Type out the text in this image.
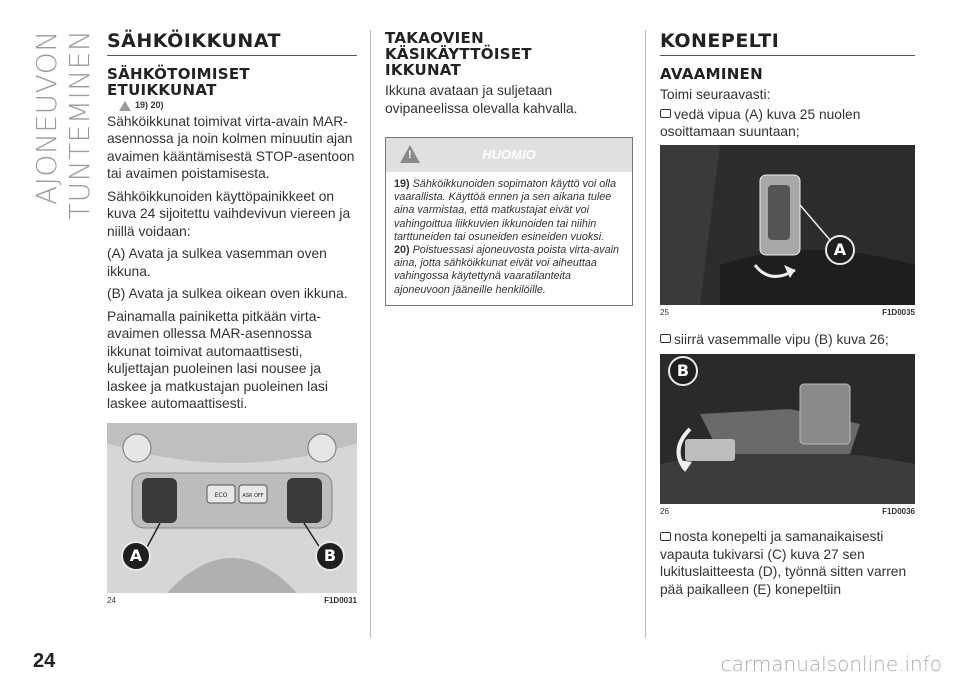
AJONEUVON TUNTEMINEN SÄHKÖIKKUNAT
SÄHKÖTOIMISET
ETUIKKUNAT
19) 20)

Sähköikkunat toimivat virta-avain MAR-asennossa ja noin kolmen minuutin ajan avaimen kääntämisestä STOP-asentoon tai avaimen poistamisesta.

Sähköikkunoiden käyttöpainikkeet on kuva 24 sijoitettu vaihdevivun viereen ja niillä voidaan:

(A) Avata ja sulkea vasemman oven ikkuna.

(B) Avata ja sulkea oikean oven ikkuna.

Painamalla painiketta pitkään virta-avaimen ollessa MAR-asennossa ikkunat toimivat automaattisesti, kuljettajan puoleinen lasi nousee ja laskee ja matkustajan puoleinen lasi laskee automaattisesti.

ECO	ASR OFF
A	B
24	F1D0031
TAKAOVIEN
KÄSIKÄYTTÖISET
IKKUNAT

Ikkuna avataan ja suljetaan ovipaneelissa olevalla kahvalla.

!
HUOMIO
19) Sähköikkunoiden sopimaton käyttö voi olla vaarallista. Käyttöä ennen ja sen aikana tulee aina varmistaa, että matkustajat eivät voi vahingoittua liikkuvien ikkunoiden tai niihin tarttuneiden tai osuneiden esineiden vuoksi.
20) Poistuessasi ajoneuvosta poista virta-avain aina, jotta sähköikkunat eivät voi aiheuttaa vahingossa käytettynä vaaratilanteita ajoneuvoon jääneille henkilöille.
KONEPELTI
AVAAMINEN

Toimi seuraavasti:

vedä vipua (A) kuva 25 nuolen osoittamaan suuntaan;

A
25	F1D0035

siirrä vasemmalle vipu (B) kuva 26;

B
26	F1D0036

nosta konepelti ja samanaikaisesti vapauta tukivarsi (C) kuva 27 sen lukituslaitteesta (D), työnnä sitten varren pää paikalleen (E) konepeltiin

24	carmanualsonline.info
